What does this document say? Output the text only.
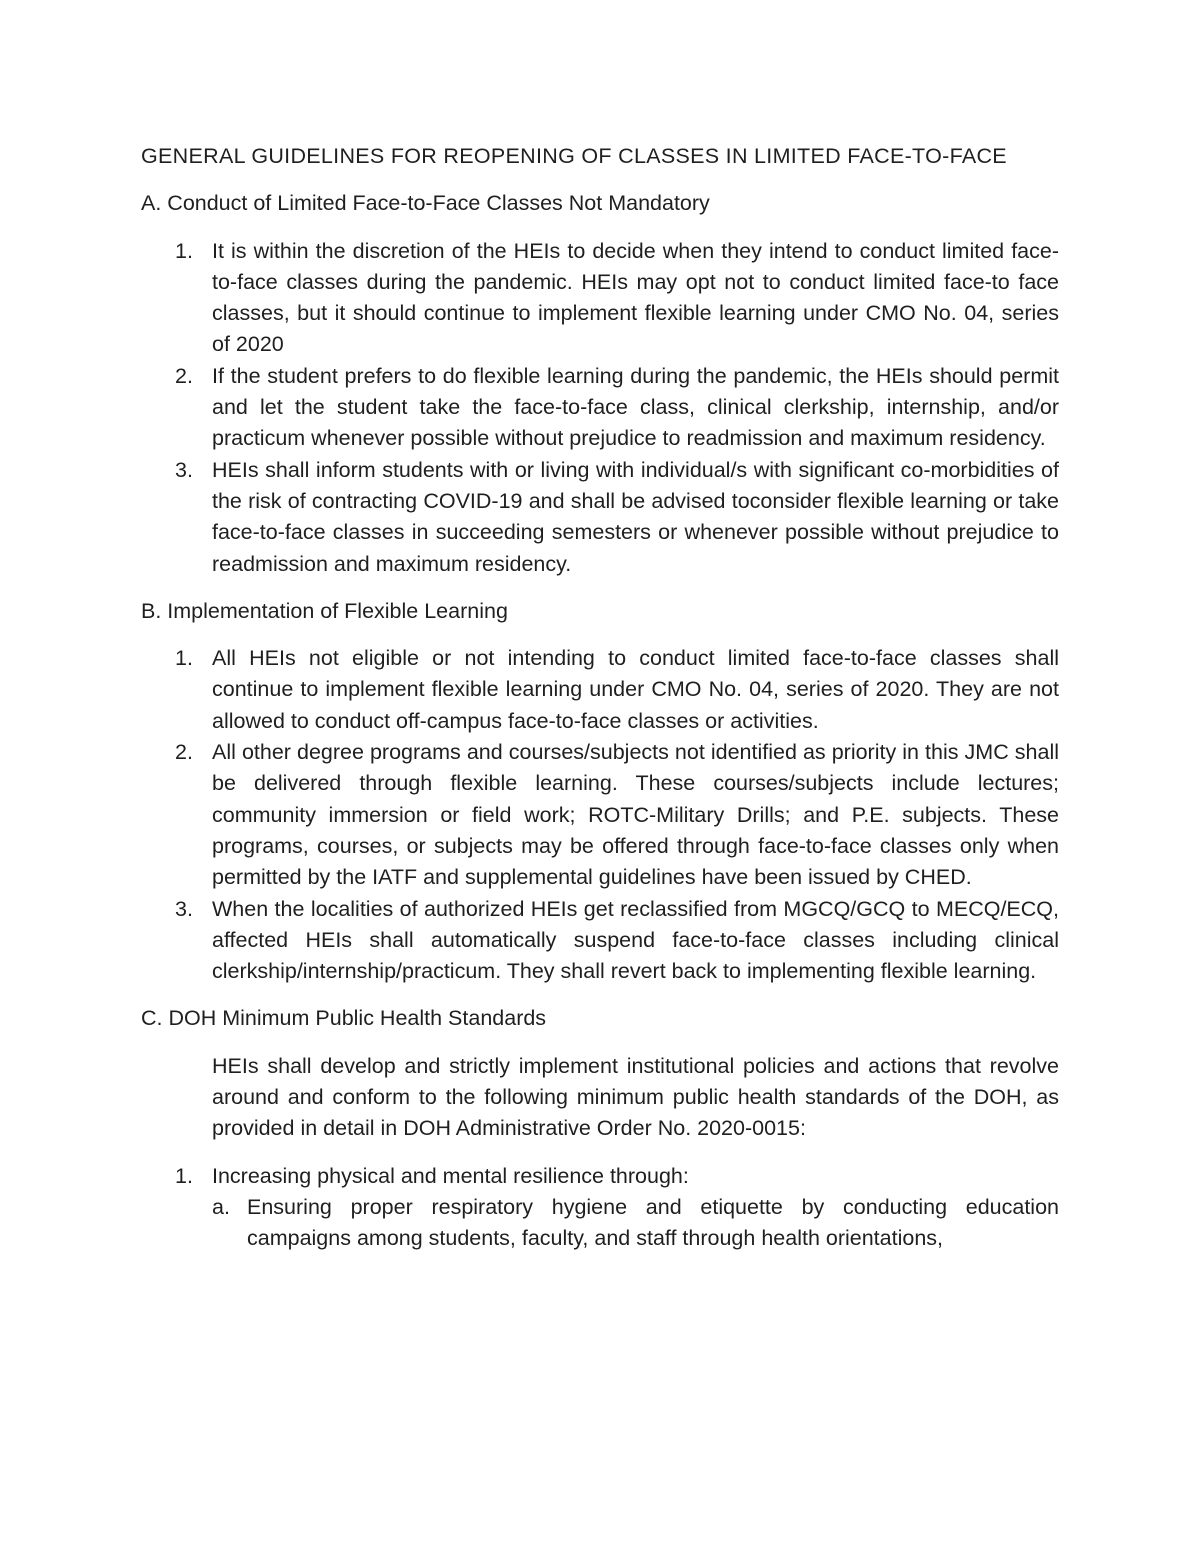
GENERAL GUIDELINES FOR REOPENING OF CLASSES IN LIMITED FACE-TO-FACE
A. Conduct of Limited Face-to-Face Classes Not Mandatory
1. It is within the discretion of the HEIs to decide when they intend to conduct limited face-to-face classes during the pandemic. HEIs may opt not to conduct limited face-to face classes, but it should continue to implement flexible learning under CMO No. 04, series of 2020
2. If the student prefers to do flexible learning during the pandemic, the HEIs should permit and let the student take the face-to-face class, clinical clerkship, internship, and/or practicum whenever possible without prejudice to readmission and maximum residency.
3. HEIs shall inform students with or living with individual/s with significant co-morbidities of the risk of contracting COVID-19 and shall be advised toconsider flexible learning or take face-to-face classes in succeeding semesters or whenever possible without prejudice to readmission and maximum residency.
B. Implementation of Flexible Learning
1. All HEIs not eligible or not intending to conduct limited face-to-face classes shall continue to implement flexible learning under CMO No. 04, series of 2020. They are not allowed to conduct off-campus face-to-face classes or activities.
2. All other degree programs and courses/subjects not identified as priority in this JMC shall be delivered through flexible learning. These courses/subjects include lectures; community immersion or field work; ROTC-Military Drills; and P.E. subjects. These programs, courses, or subjects may be offered through face-to-face classes only when permitted by the IATF and supplemental guidelines have been issued by CHED.
3. When the localities of authorized HEIs get reclassified from MGCQ/GCQ to MECQ/ECQ, affected HEIs shall automatically suspend face-to-face classes including clinical clerkship/internship/practicum. They shall revert back to implementing flexible learning.
C. DOH Minimum Public Health Standards
HEIs shall develop and strictly implement institutional policies and actions that revolve around and conform to the following minimum public health standards of the DOH, as provided in detail in DOH Administrative Order No. 2020-0015:
1. Increasing physical and mental resilience through:
a. Ensuring proper respiratory hygiene and etiquette by conducting education campaigns among students, faculty, and staff through health orientations,
